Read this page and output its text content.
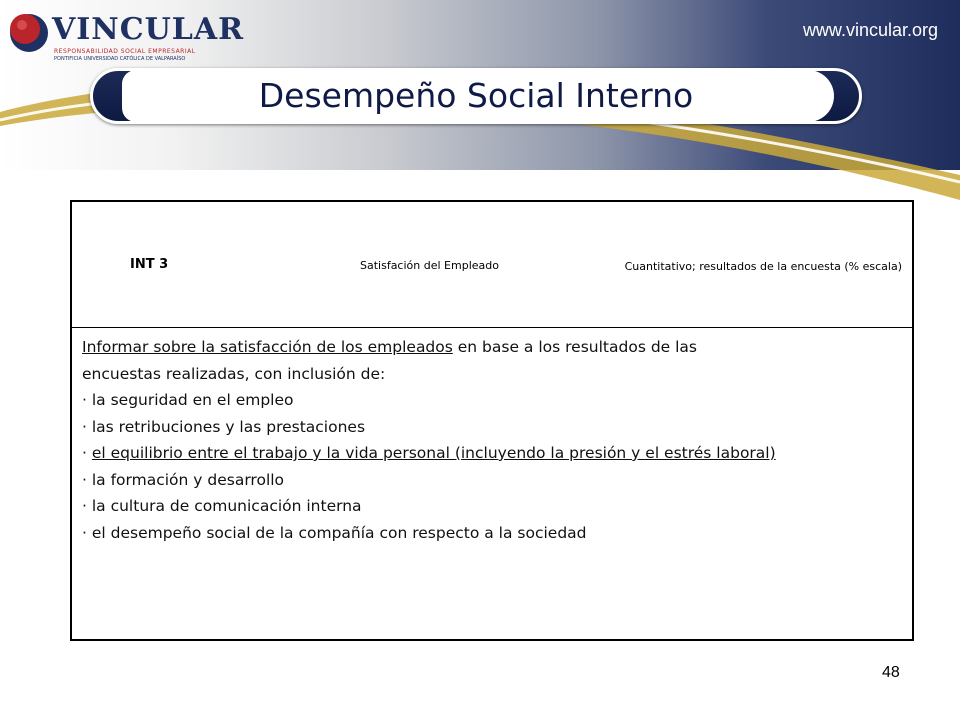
VINCULAR
RESPONSABILIDAD SOCIAL EMPRESARIAL
PONTIFICIA UNIVERSIDAD CATÓLICA DE VALPARAÍSO
www.vincular.org
Desempeño Social Interno
INT 3	Satisfación del Empleado	Cuantitativo; resultados de la encuesta (% escala)
Informar sobre la satisfacción de los empleados en base a los resultados de las
encuestas realizadas, con inclusión de:
· la seguridad en el empleo
· las retribuciones y las prestaciones
· el equilibrio entre el trabajo y la vida personal (incluyendo la presión y el estrés laboral)
· la formación y desarrollo
· la cultura de comunicación interna
· el desempeño social de la compañía con respecto a la sociedad
48
